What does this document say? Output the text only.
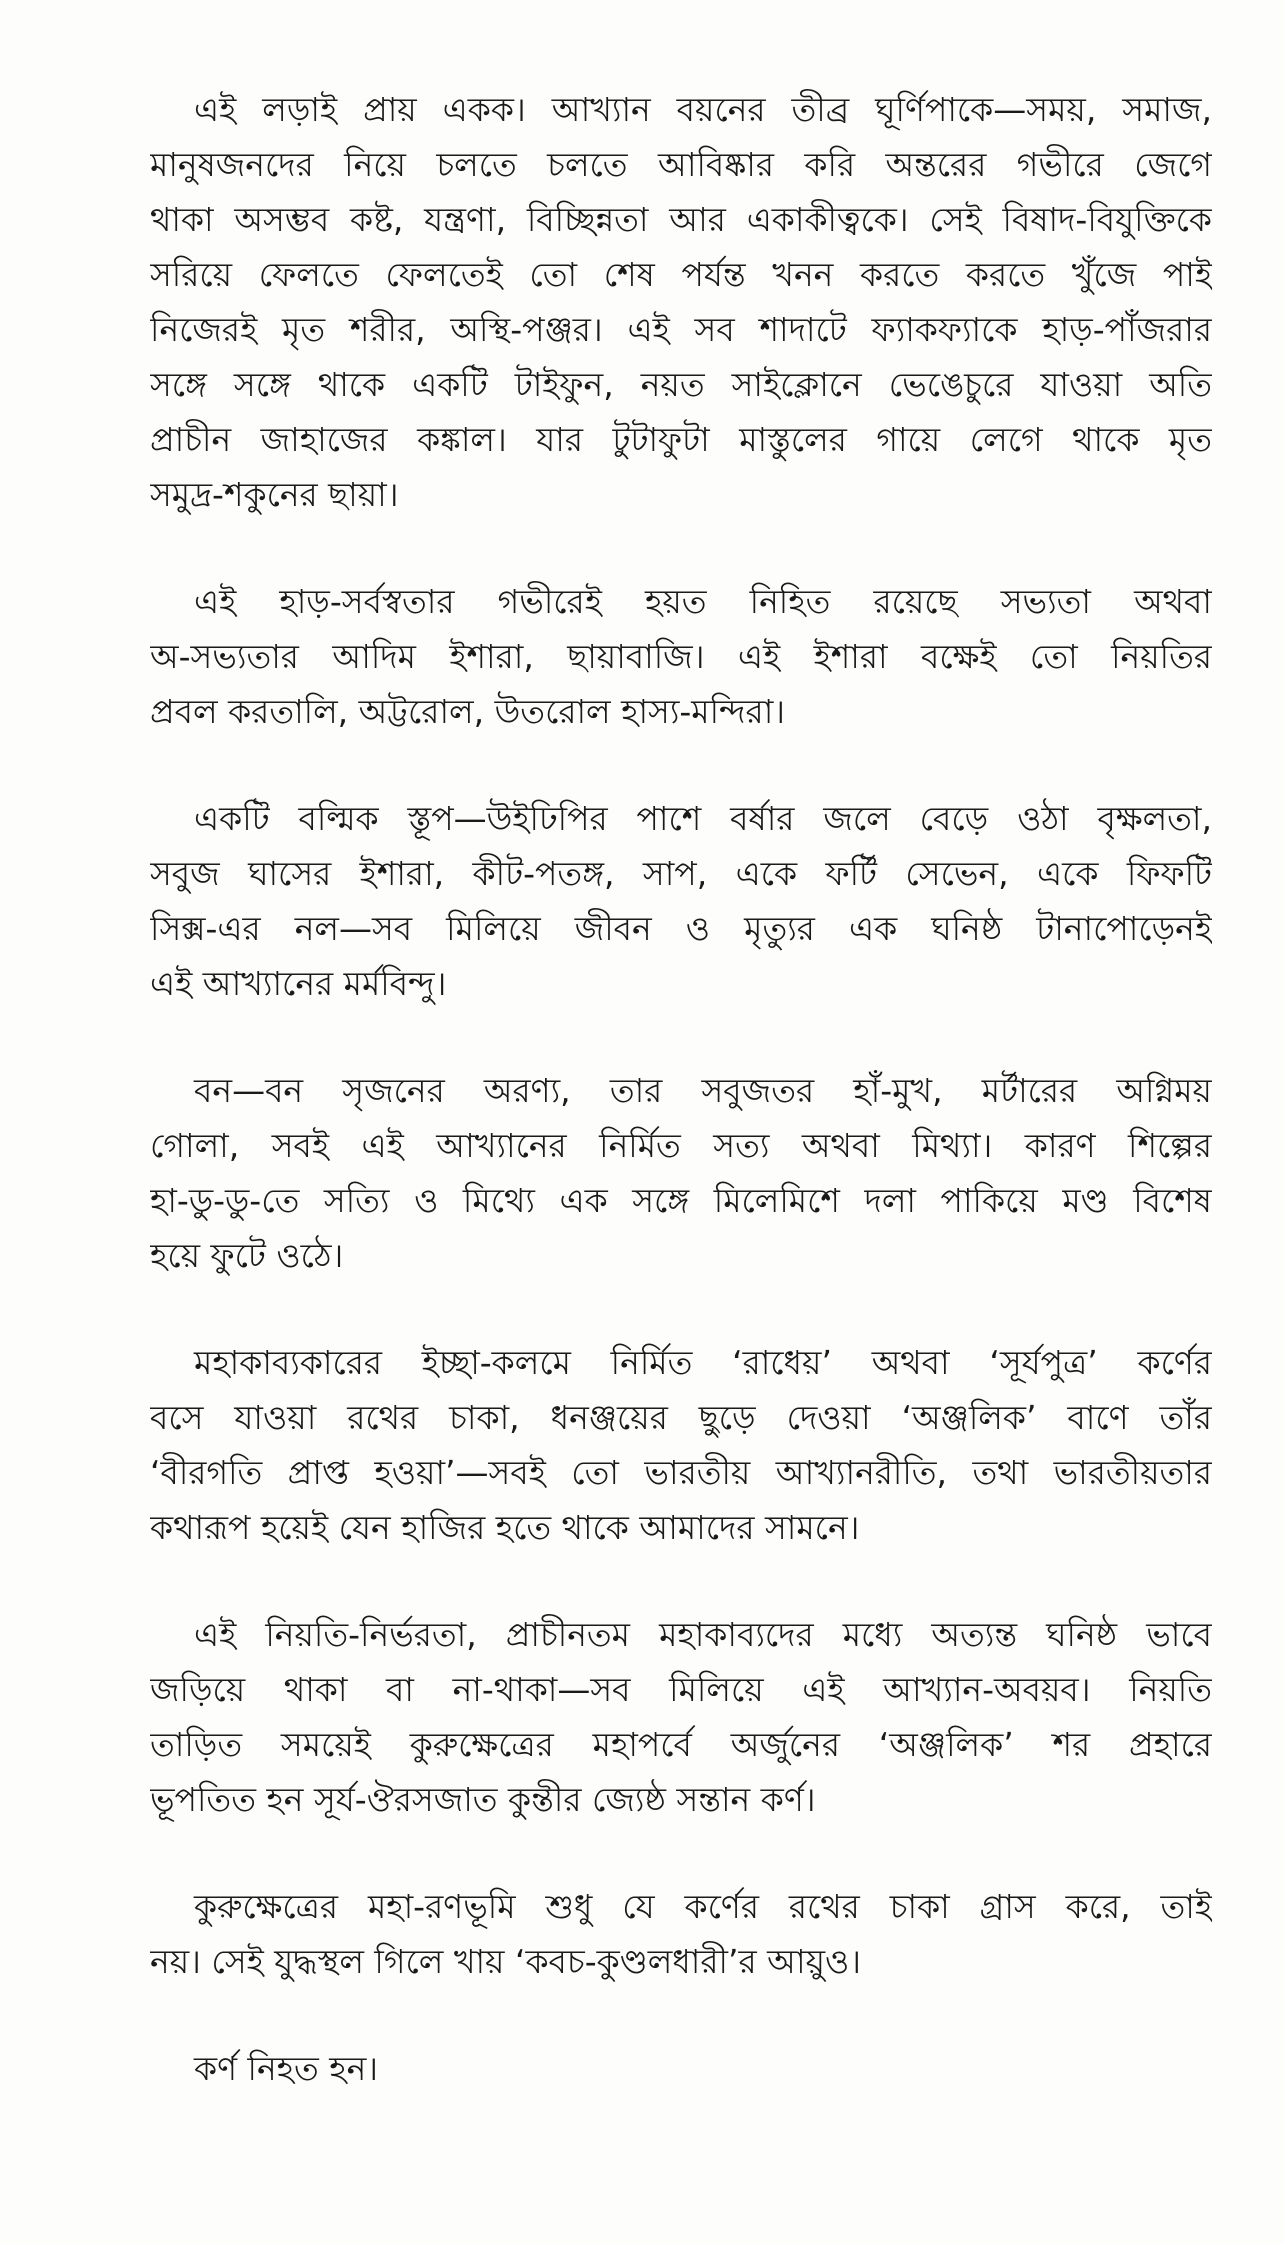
এই লড়াই প্রায় একক। আখ্যান বয়নের তীব্র ঘূর্ণিপাকে—সময়, সমাজ,
মানুষজনদের নিয়ে চলতে চলতে আবিষ্কার করি অন্তরের গভীরে জেগে
থাকা অসম্ভব কষ্ট, যন্ত্রণা, বিচ্ছিন্নতা আর একাকীত্বকে। সেই বিষাদ-বিযুক্তিকে
সরিয়ে ফেলতে ফেলতেই তো শেষ পর্যন্ত খনন করতে করতে খুঁজে পাই
নিজেরই মৃত শরীর, অস্থি-পঞ্জর। এই সব শাদাটে ফ্যাকফ্যাকে হাড়-পাঁজরার
সঙ্গে সঙ্গে থাকে একটি টাইফুন, নয়ত সাইক্লোনে ভেঙেচুরে যাওয়া অতি
প্রাচীন জাহাজের কঙ্কাল। যার টুটাফুটা মাস্তুলের গায়ে লেগে থাকে মৃত
সমুদ্র-শকুনের ছায়া।
এই হাড়-সর্বস্বতার গভীরেই হয়ত নিহিত রয়েছে সভ্যতা অথবা
অ-সভ্যতার আদিম ইশারা, ছায়াবাজি। এই ইশারা বক্ষেই তো নিয়তির
প্রবল করতালি, অট্টরোল, উতরোল হাস্য-মন্দিরা।
একটি বল্মিক স্তূপ—উইঢিপির পাশে বর্ষার জলে বেড়ে ওঠা বৃক্ষলতা,
সবুজ ঘাসের ইশারা, কীট-পতঙ্গ, সাপ, একে ফর্টি সেভেন, একে ফিফটি
সিক্স-এর নল—সব মিলিয়ে জীবন ও মৃত্যুর এক ঘনিষ্ঠ টানাপোড়েনই
এই আখ্যানের মর্মবিন্দু।
বন—বন সৃজনের অরণ্য, তার সবুজতর হাঁ-মুখ, মর্টারের অগ্নিময়
গোলা, সবই এই আখ্যানের নির্মিত সত্য অথবা মিথ্যা। কারণ শিল্পের
হা-ডু-ডু-তে সত্যি ও মিথ্যে এক সঙ্গে মিলেমিশে দলা পাকিয়ে মণ্ড বিশেষ
হয়ে ফুটে ওঠে।
মহাকাব্যকারের ইচ্ছা-কলমে নির্মিত ‘রাধেয়’ অথবা ‘সূর্যপুত্র’ কর্ণের
বসে যাওয়া রথের চাকা, ধনঞ্জয়ের ছুড়ে দেওয়া ‘অঞ্জলিক’ বাণে তাঁর
‘বীরগতি প্রাপ্ত হওয়া’—সবই তো ভারতীয় আখ্যানরীতি, তথা ভারতীয়তার
কথারূপ হয়েই যেন হাজির হতে থাকে আমাদের সামনে।
এই নিয়তি-নির্ভরতা, প্রাচীনতম মহাকাব্যদের মধ্যে অত্যন্ত ঘনিষ্ঠ ভাবে
জড়িয়ে থাকা বা না-থাকা—সব মিলিয়ে এই আখ্যান-অবয়ব। নিয়তি
তাড়িত সময়েই কুরুক্ষেত্রের মহাপর্বে অর্জুনের ‘অঞ্জলিক’ শর প্রহারে
ভূপতিত হন সূর্য-ঔরসজাত কুন্তীর জ্যেষ্ঠ সন্তান কর্ণ।
কুরুক্ষেত্রের মহা-রণভূমি শুধু যে কর্ণের রথের চাকা গ্রাস করে, তাই
নয়। সেই যুদ্ধস্থল গিলে খায় ‘কবচ-কুণ্ডলধারী’র আয়ুও।
কর্ণ নিহত হন।
